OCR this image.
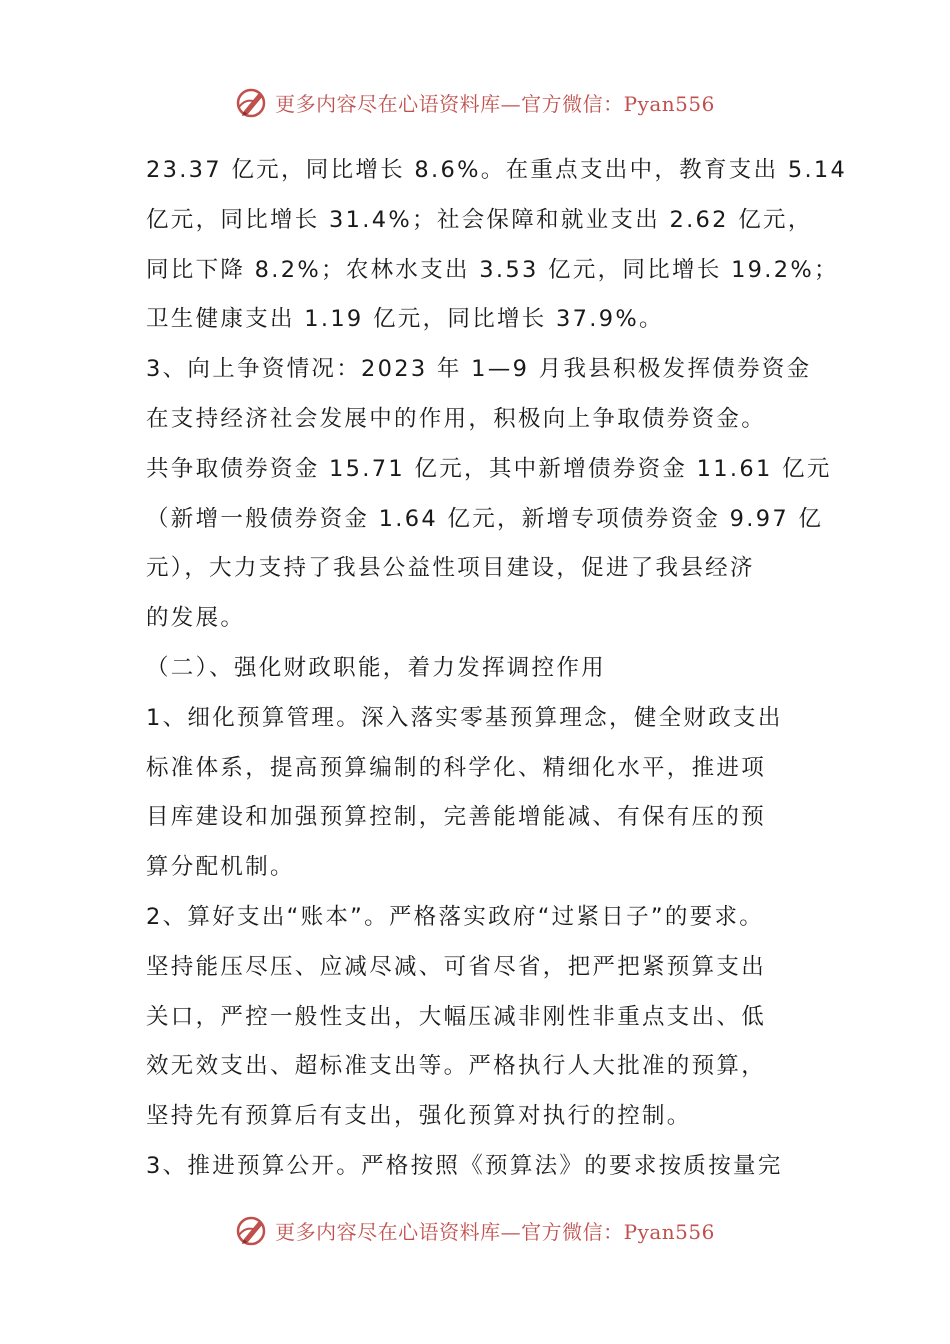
更多内容尽在心语资料库—官方微信：Pyan556
23.37 亿元，同比增长 8.6%。在重点支出中，教育支出 5.14
亿元，同比增长 31.4%；社会保障和就业支出 2.62 亿元，
同比下降 8.2%；农林水支出 3.53 亿元，同比增长 19.2%；
卫生健康支出 1.19 亿元，同比增长 37.9%。
3、向上争资情况：2023 年 1—9 月我县积极发挥债券资金
在支持经济社会发展中的作用，积极向上争取债券资金。
共争取债券资金 15.71 亿元，其中新增债券资金 11.61 亿元
（新增一般债券资金 1.64 亿元，新增专项债券资金 9.97 亿
元），大力支持了我县公益性项目建设，促进了我县经济
的发展。
（二）、强化财政职能，着力发挥调控作用
1、细化预算管理。深入落实零基预算理念，健全财政支出
标准体系，提高预算编制的科学化、精细化水平，推进项
目库建设和加强预算控制，完善能增能减、有保有压的预
算分配机制。
2、算好支出“账本”。严格落实政府“过紧日子”的要求。
坚持能压尽压、应减尽减、可省尽省，把严把紧预算支出
关口，严控一般性支出，大幅压减非刚性非重点支出、低
效无效支出、超标准支出等。严格执行人大批准的预算，
坚持先有预算后有支出，强化预算对执行的控制。
3、推进预算公开。严格按照《预算法》的要求按质按量完
更多内容尽在心语资料库—官方微信：Pyan556
